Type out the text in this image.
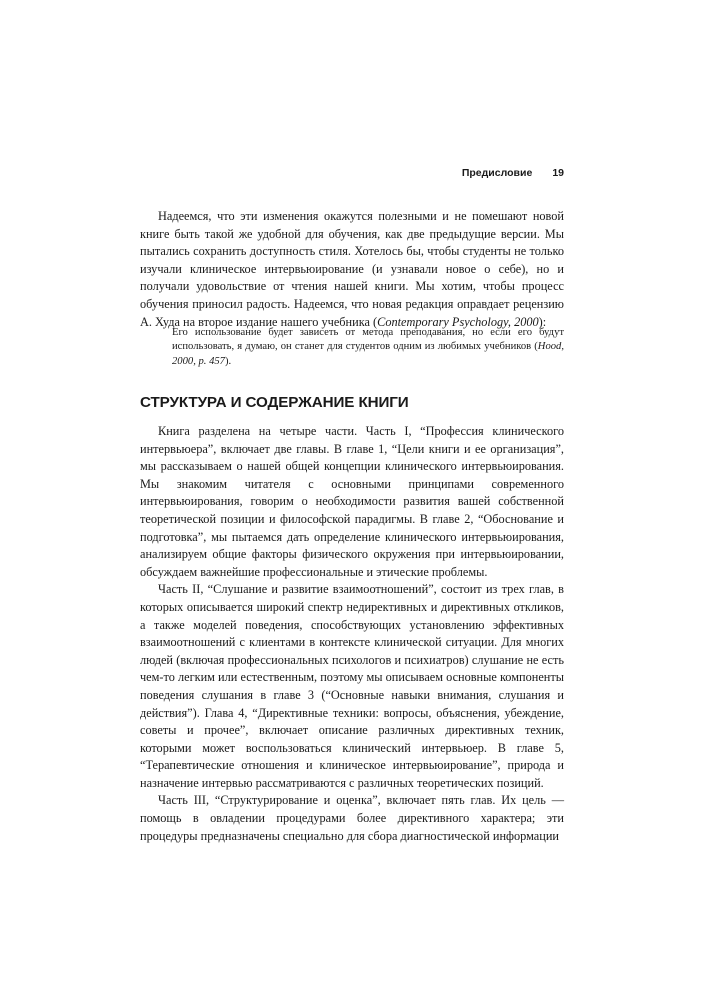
Предисловие 19

Надеемся, что эти изменения окажутся полезными и не помешают новой книге быть такой же удобной для обучения, как две предыдущие версии. Мы пытались сохранить доступность стиля. Хотелось бы, чтобы студенты не только изучали клиническое интервьюирование (и узнавали новое о себе), но и получали удовольствие от чтения нашей книги. Мы хотим, чтобы процесс обучения приносил радость. Надеемся, что новая редакция оправдает рецензию А. Худа на второе издание нашего учебника (Contemporary Psychology, 2000):

Его использование будет зависеть от метода преподавания, но если его будут использовать, я думаю, он станет для студентов одним из любимых учебников (Hood, 2000, p. 457).
СТРУКТУРА И СОДЕРЖАНИЕ КНИГИ

Книга разделена на четыре части. Часть I, “Профессия клинического интервьюера”, включает две главы. В главе 1, “Цели книги и ее организация”, мы рассказываем о нашей общей концепции клинического интервьюирования. Мы знакомим читателя с основными принципами современного интервьюирования, говорим о необходимости развития вашей собственной теоретической позиции и философской парадигмы. В главе 2, “Обоснование и подготовка”, мы пытаемся дать определение клинического интервьюирования, анализируем общие факторы физического окружения при интервьюировании, обсуждаем важнейшие профессиональные и этические проблемы.

Часть II, “Слушание и развитие взаимоотношений”, состоит из трех глав, в которых описывается широкий спектр недирективных и директивных откликов, а также моделей поведения, способствующих установлению эффективных взаимоотношений с клиентами в контексте клинической ситуации. Для многих людей (включая профессиональных психологов и психиатров) слушание не есть чем-то легким или естественным, поэтому мы описываем основные компоненты поведения слушания в главе 3 (“Основные навыки внимания, слушания и действия”). Глава 4, “Директивные техники: вопросы, объяснения, убеждение, советы и прочее”, включает описание различных директивных техник, которыми может воспользоваться клинический интервьюер. В главе 5, “Терапевтические отношения и клиническое интервьюирование”, природа и назначение интервью рассматриваются с различных теоретических позиций.

Часть III, “Структурирование и оценка”, включает пять глав. Их цель — помощь в овладении процедурами более директивного характера; эти процедуры предназначены специально для сбора диагностической информации
